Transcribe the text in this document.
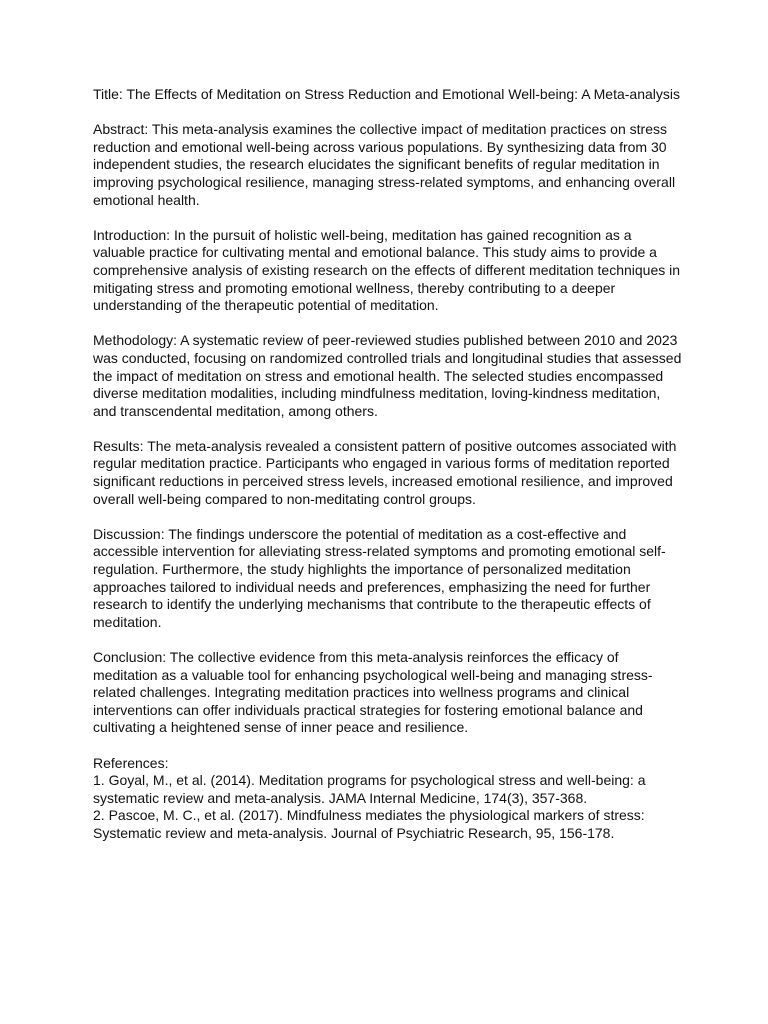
Title: The Effects of Meditation on Stress Reduction and Emotional Well-being: A Meta-analysis

Abstract: This meta-analysis examines the collective impact of meditation practices on stress reduction and emotional well-being across various populations. By synthesizing data from 30 independent studies, the research elucidates the significant benefits of regular meditation in improving psychological resilience, managing stress-related symptoms, and enhancing overall emotional health.

Introduction: In the pursuit of holistic well-being, meditation has gained recognition as a valuable practice for cultivating mental and emotional balance. This study aims to provide a comprehensive analysis of existing research on the effects of different meditation techniques in mitigating stress and promoting emotional wellness, thereby contributing to a deeper understanding of the therapeutic potential of meditation.

Methodology: A systematic review of peer-reviewed studies published between 2010 and 2023 was conducted, focusing on randomized controlled trials and longitudinal studies that assessed the impact of meditation on stress and emotional health. The selected studies encompassed diverse meditation modalities, including mindfulness meditation, loving-kindness meditation, and transcendental meditation, among others.

Results: The meta-analysis revealed a consistent pattern of positive outcomes associated with regular meditation practice. Participants who engaged in various forms of meditation reported significant reductions in perceived stress levels, increased emotional resilience, and improved overall well-being compared to non-meditating control groups.

Discussion: The findings underscore the potential of meditation as a cost-effective and accessible intervention for alleviating stress-related symptoms and promoting emotional self-regulation. Furthermore, the study highlights the importance of personalized meditation approaches tailored to individual needs and preferences, emphasizing the need for further research to identify the underlying mechanisms that contribute to the therapeutic effects of meditation.

Conclusion: The collective evidence from this meta-analysis reinforces the efficacy of meditation as a valuable tool for enhancing psychological well-being and managing stress-related challenges. Integrating meditation practices into wellness programs and clinical interventions can offer individuals practical strategies for fostering emotional balance and cultivating a heightened sense of inner peace and resilience.

References:

1. Goyal, M., et al. (2014). Meditation programs for psychological stress and well-being: a systematic review and meta-analysis. JAMA Internal Medicine, 174(3), 357-368.

2. Pascoe, M. C., et al. (2017). Mindfulness mediates the physiological markers of stress: Systematic review and meta-analysis. Journal of Psychiatric Research, 95, 156-178.
